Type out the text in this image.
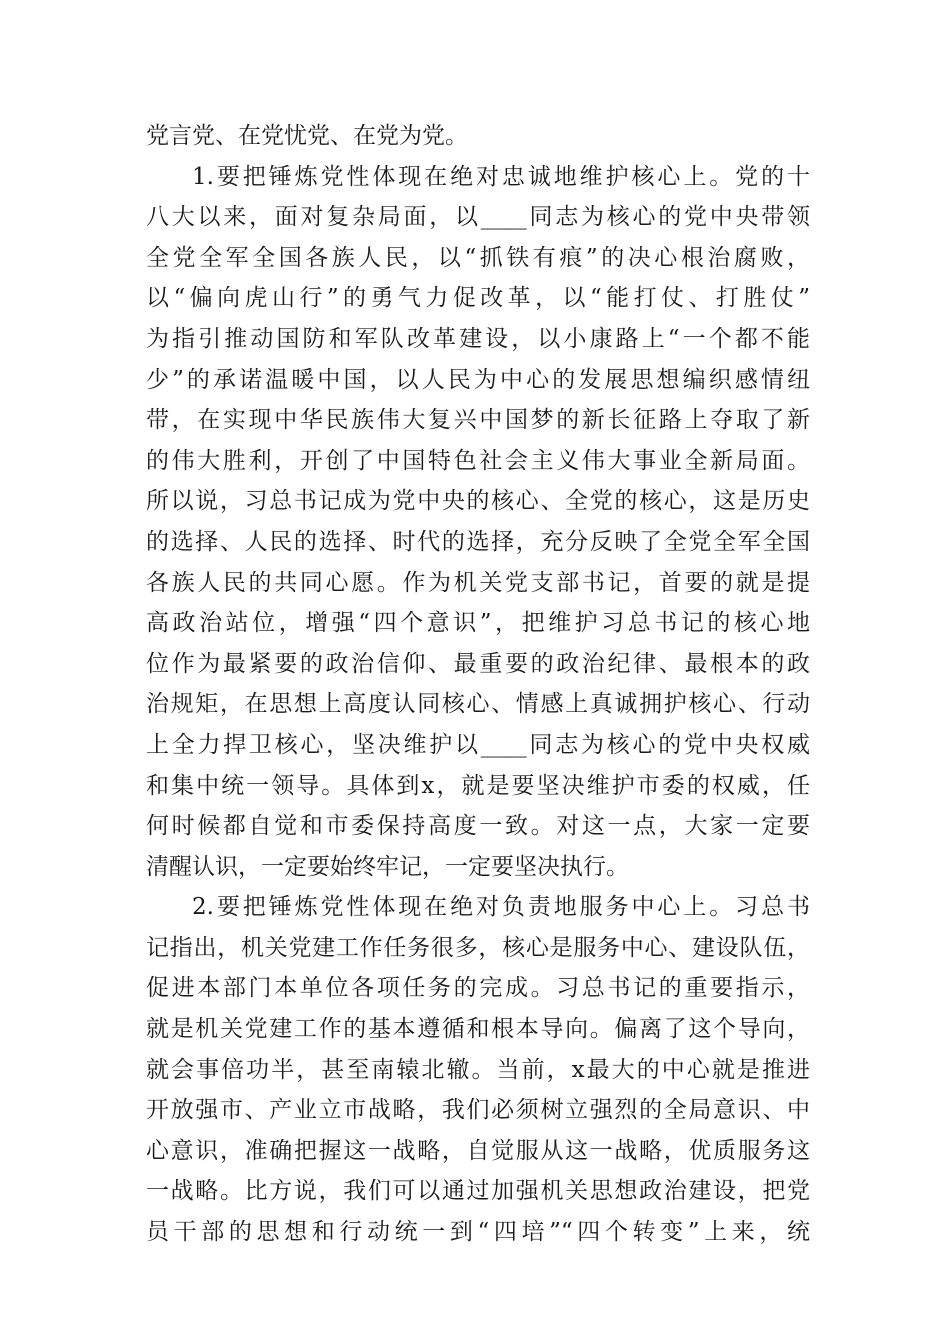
党言党、在党忧党、在党为党。
1.要把锤炼党性体现在绝对忠诚地维护核心上。党的十
八大以来，面对复杂局面，以____同志为核心的党中央带领
全党全军全国各族人民，以“抓铁有痕”的决心根治腐败，
以“偏向虎山行”的勇气力促改革，以“能打仗、打胜仗”
为指引推动国防和军队改革建设，以小康路上“一个都不能
少”的承诺温暖中国，以人民为中心的发展思想编织感情纽
带，在实现中华民族伟大复兴中国梦的新长征路上夺取了新
的伟大胜利，开创了中国特色社会主义伟大事业全新局面。
所以说，习总书记成为党中央的核心、全党的核心，这是历史
的选择、人民的选择、时代的选择，充分反映了全党全军全国
各族人民的共同心愿。作为机关党支部书记，首要的就是提
高政治站位，增强“四个意识”，把维护习总书记的核心地
位作为最紧要的政治信仰、最重要的政治纪律、最根本的政
治规矩，在思想上高度认同核心、情感上真诚拥护核心、行动
上全力捍卫核心，坚决维护以____同志为核心的党中央权威
和集中统一领导。具体到x，就是要坚决维护市委的权威，任
何时候都自觉和市委保持高度一致。对这一点，大家一定要
清醒认识，一定要始终牢记，一定要坚决执行。
2.要把锤炼党性体现在绝对负责地服务中心上。习总书
记指出，机关党建工作任务很多，核心是服务中心、建设队伍，
促进本部门本单位各项任务的完成。习总书记的重要指示，
就是机关党建工作的基本遵循和根本导向。偏离了这个导向，
就会事倍功半，甚至南辕北辙。当前，x最大的中心就是推进
开放强市、产业立市战略，我们必须树立强烈的全局意识、中
心意识，准确把握这一战略，自觉服从这一战略，优质服务这
一战略。比方说，我们可以通过加强机关思想政治建设，把党
员干部的思想和行动统一到“四培”“四个转变”上来，统
